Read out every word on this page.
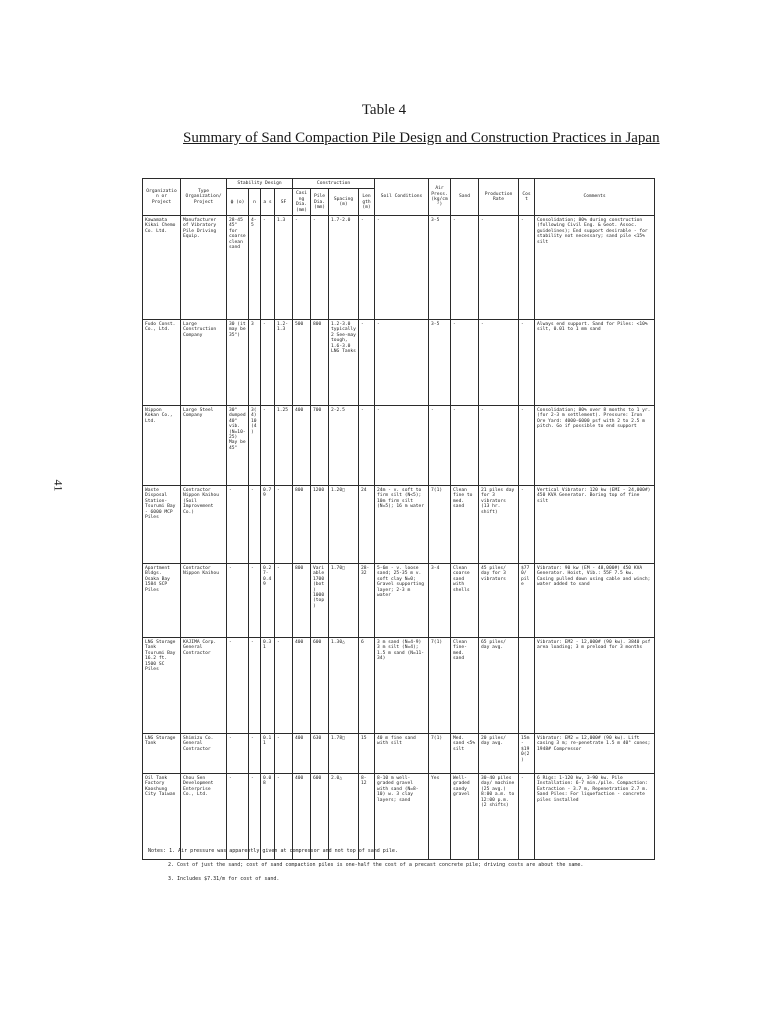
Table 4
Summary of Sand Compaction Pile Design and Construction Practices in Japan
41
Organization or Project	Type Organization/ Project	Stability Design				Construction				Soil Conditions	Air Press. (kg/cm²)	Sand	Production Rate	Cost	Comments
		ϕ (o)	n	a s	SF	Casing Dia. (mm)	Pile Dia. (mm)	Spacing (m)	Length (m)						
Kawamata Kikai Chemo Co. Ltd.	Manufacturer of Vibratory Pile Driving Equip.	28-45 45° for coarse clean sand	4-5	-	1.3	-	-	1.7-2.0	-	-	3-5	-	-	-	Consolidation; 80% during construction (following Civil Eng. & Geot. Assoc. guidelines); End support desirable - for stability not necessary; sand pile <15% silt
Fudo Const. Co., Ltd.	Large Construction Company	30 (it may be 35°)	3	-	1.2-1.3	500	800	1.2-3.0 typically 2 See-may tough, 1.6-3.0 LNG Tanks	-	-	3-5	-	-	-	Always end support. Sand for Piles: <10% silt, 0.01 to 1 mm sand
Nippon Kokan Co., Ltd.	Large Steel Company	30° dumped 40° vib. (N=10-25) May be 45°	3(4) 10(4)	-	1.25	400	700	2-2.5	-	-	-	-	-	-	Consolidation; 80% over 8 months to 1 yr. (for 2-3 m settlement). Pressure: Iron Ore Yard: 4000-6000 psf with 2 to 2.5 m pitch. Go if possible to end support
Waste Disposal Station-Tsurumi Bay - 6000 MCP Piles	Contractor Nippon Kaihou (Soil Improvement Co.)	-	-	0.79	-	800	1200	1.20□	24	24m - v. soft to firm silt (N<5); 10m firm silt (N=5); 16 m water	7(1)	Clean fine to med. sand	21 piles day for 3 vibrators (13 hr. shift)	-	Vertical Vibrator: 120 kw (EMI - 24,000#) 450 KVA Generator. Boring top of fine silt
Apartment Bldgs. Osaka Bay 1584 SCP Piles	Contractor Nippon Kaihou	-	-	0.27-0.49	-	800	Variable 1700(bot) 1000(top)	1.70□	28-32	5-6m - v. loose sand; 25-35 m v. soft clay N=0; Gravel supporting layer; 2-3 m water	3-4	Clean coarse sand with shells	45 piles/ day for 3 vibrators	$770/ pile	Vibrator: 90 kw (EM - 48,000#) 450 KVA Generator. Hoist, Vib.: 55F 7.5 kw. Casing pulled down using cable and winch; water added to sand
LNG Storage Tank Tsurumi Bay 16.2 ft. 1500 SC Piles	KAJIMA Corp. General Contractor	-	-	0.31	-	400	600	1.30△	6	3 m sand (N=4-9) 3 m silt (N=4); 1.5 m sand (N=11-34)	7(1)	Clean fine-med. sand	65 piles/ day avg.		Vibrator: EM2 - 12,000# (90 kw). 3840 psf area loading; 3 m preload for 3 months
LNG Storage Tank	Shimizu Co. General Contractor	-	-	0.11	-	400	630	1.78□	15	40 m fine sand with silt	7(1)	Med. sand <5% silt	20 piles/ day avg.	15m - $190(2)	Vibrator: EM2 = 12,000# (90 kw). Lift casing 3 m; re-penetrate 1.5 m 40° cones; 1948# Compressor
Oil Tank Factory Kaoshung City Taiwan	Chou Sen Development Enterprise Co., Ltd.	-	-	0.08	-	400	600	2.0△	8-12	8-10 m well-graded gravel with sand (N=8-10) w. 3 clay layers; sand	Yes	Well-graded sandy gravel	30-40 piles day/ machine (25 avg.) 8:00 a.m. to 12:00 p.m. (2 shifts)	-	6 Rigs: 1-120 kw, 3-90 kw. Pile Installation: 6-7 min./pile. Compaction: Extraction - 3.7 m, Repenetration 2.7 m. Sand Piles: For liquefaction - concrete piles installed
Notes: 1. Air pressure was apparently given at compressor and not top of sand pile.
2. Cost of just the sand; cost of sand compaction piles is one-half the cost of a precast concrete pile; driving costs are about the same.
3. Includes $7.31/m for cost of sand.
